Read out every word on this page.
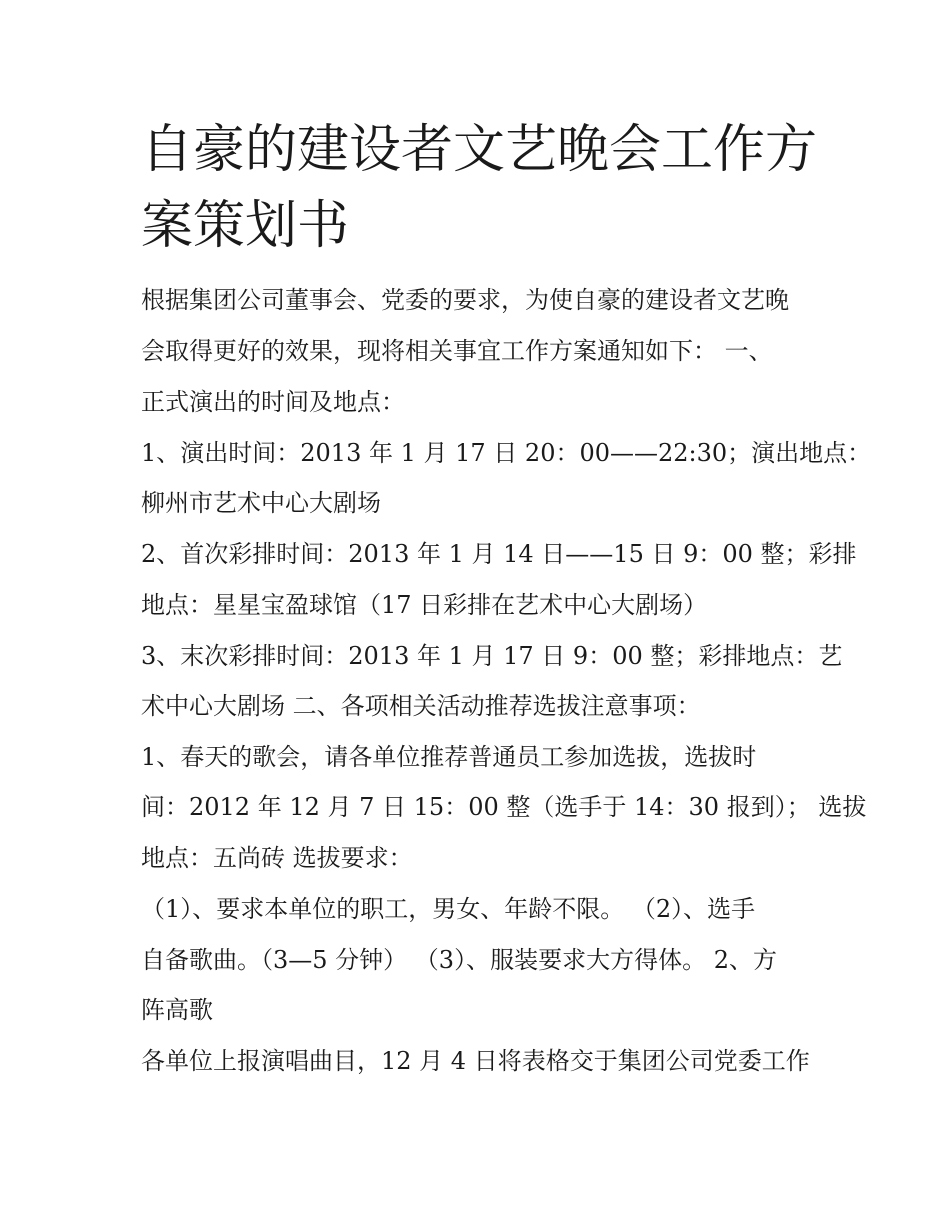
自豪的建设者文艺晚会工作方
案策划书

根据集团公司董事会、党委的要求，为使自豪的建设者文艺晚

会取得更好的效果，现将相关事宜工作方案通知如下： 一、

正式演出的时间及地点：

1、演出时间：2013 年 1 月 17 日 20：00——22:30；演出地点：

柳州市艺术中心大剧场

2、首次彩排时间：2013 年 1 月 14 日——15 日 9：00 整；彩排

地点：星星宝盈球馆（17 日彩排在艺术中心大剧场）

3、末次彩排时间：2013 年 1 月 17 日 9：00 整；彩排地点：艺

术中心大剧场 二、各项相关活动推荐选拔注意事项：

1、春天的歌会，请各单位推荐普通员工参加选拔，选拔时

间：2012 年 12 月 7 日 15：00 整（选手于 14：30 报到）； 选拔

地点：五尚砖 选拔要求：

（1）、要求本单位的职工，男女、年龄不限。 （2）、选手

自备歌曲。（3—5 分钟） （3）、服装要求大方得体。 2、方

阵高歌

各单位上报演唱曲目，12 月 4 日将表格交于集团公司党委工作
